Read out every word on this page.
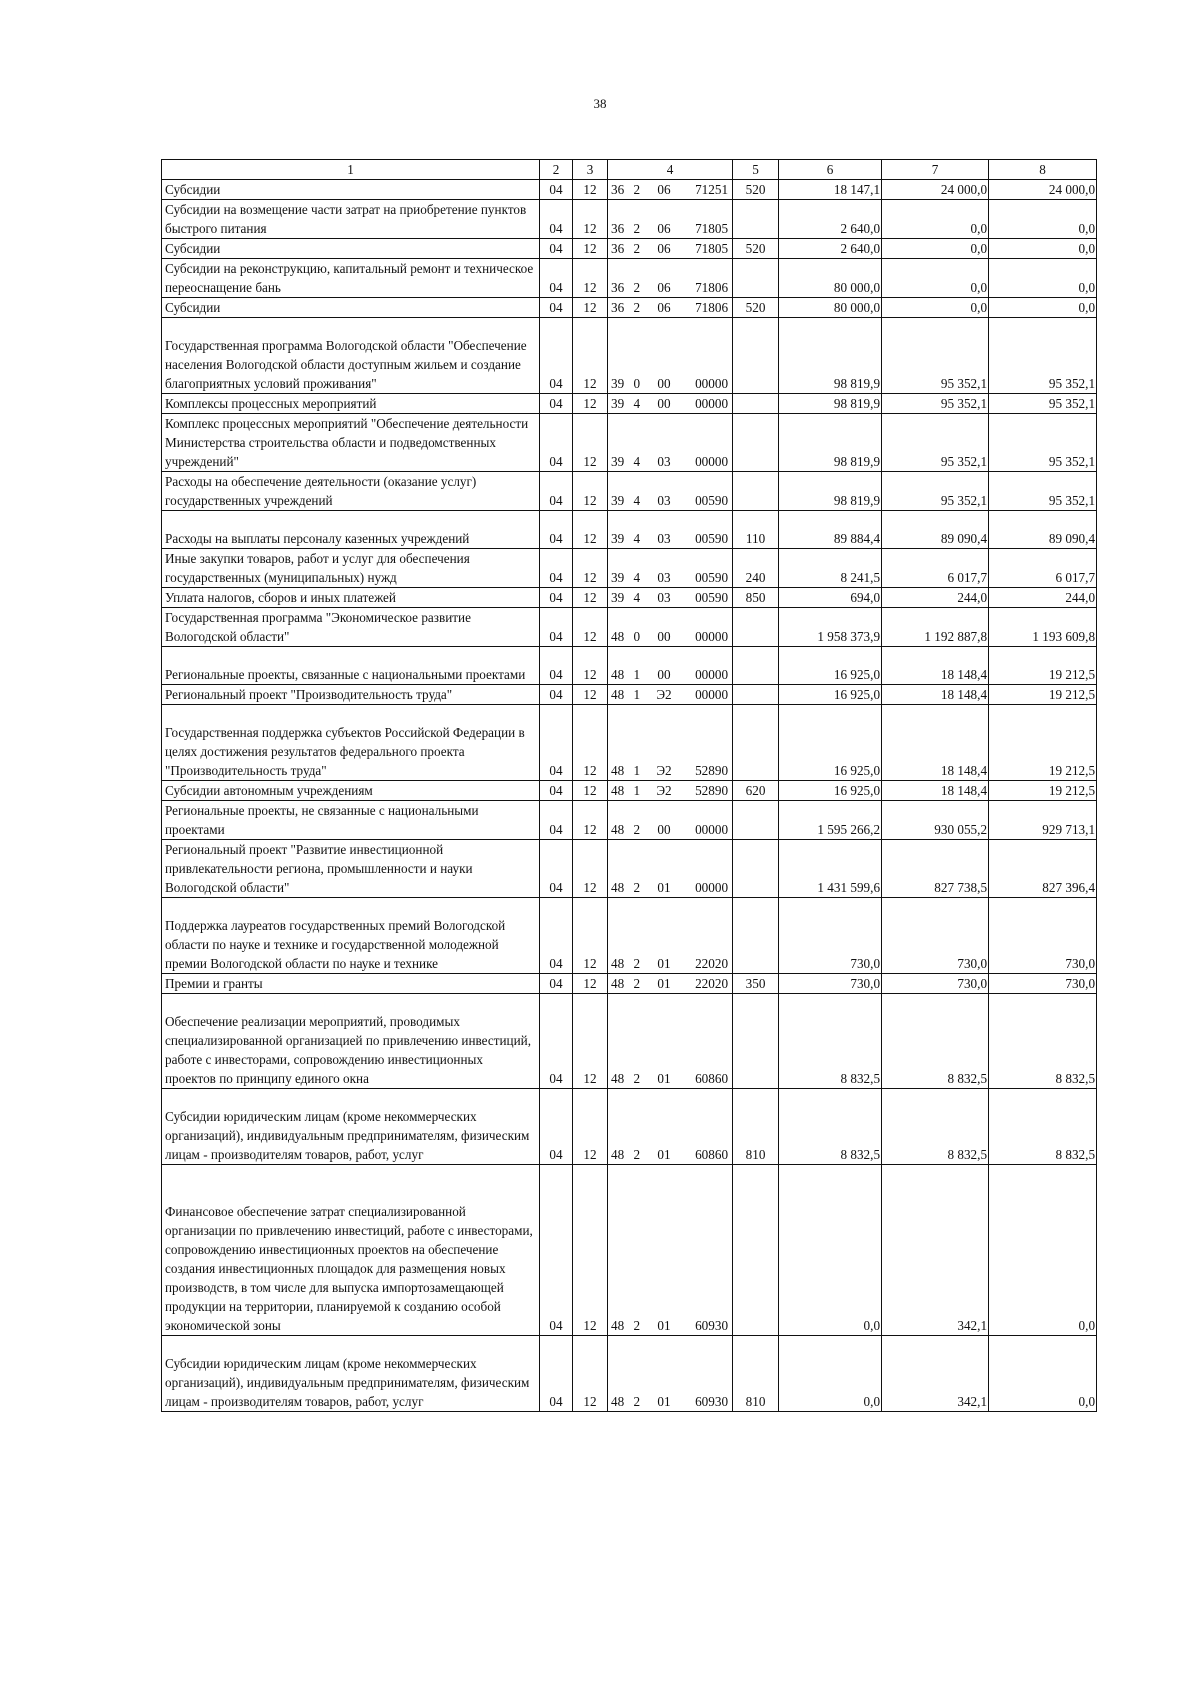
38
1	2	3	4				5	6	7	8
Субсидии	04	12	36	2	06	71251	520	18 147,1	24 000,0	24 000,0
Субсидии на возмещение части затрат на приобретение пунктов быстрого питания	04	12	36	2	06	71805		2 640,0	0,0	0,0
Субсидии	04	12	36	2	06	71805	520	2 640,0	0,0	0,0
Субсидии на реконструкцию, капитальный ремонт и техническое переоснащение бань	04	12	36	2	06	71806		80 000,0	0,0	0,0
Субсидии	04	12	36	2	06	71806	520	80 000,0	0,0	0,0
Государственная программа Вологодской области "Обеспечение населения Вологодской области доступным жильем и создание благоприятных условий проживания"	04	12	39	0	00	00000		98 819,9	95 352,1	95 352,1
Комплексы процессных мероприятий	04	12	39	4	00	00000		98 819,9	95 352,1	95 352,1
Комплекс процессных мероприятий "Обеспечение деятельности Министерства строительства области и подведомственных учреждений"	04	12	39	4	03	00000		98 819,9	95 352,1	95 352,1
Расходы на обеспечение деятельности (оказание услуг) государственных учреждений	04	12	39	4	03	00590		98 819,9	95 352,1	95 352,1
Расходы на выплаты персоналу казенных учреждений	04	12	39	4	03	00590	110	89 884,4	89 090,4	89 090,4
Иные закупки товаров, работ и услуг для обеспечения государственных (муниципальных) нужд	04	12	39	4	03	00590	240	8 241,5	6 017,7	6 017,7
Уплата налогов, сборов и иных платежей	04	12	39	4	03	00590	850	694,0	244,0	244,0
Государственная программа "Экономическое развитие Вологодской области"	04	12	48	0	00	00000		1 958 373,9	1 192 887,8	1 193 609,8
Региональные проекты, связанные с национальными проектами	04	12	48	1	00	00000		16 925,0	18 148,4	19 212,5
Региональный проект "Производительность труда"	04	12	48	1	Э2	00000		16 925,0	18 148,4	19 212,5
Государственная поддержка субъектов Российской Федерации в целях достижения результатов федерального проекта "Производительность труда"	04	12	48	1	Э2	52890		16 925,0	18 148,4	19 212,5
Субсидии автономным учреждениям	04	12	48	1	Э2	52890	620	16 925,0	18 148,4	19 212,5
Региональные проекты, не связанные с национальными проектами	04	12	48	2	00	00000		1 595 266,2	930 055,2	929 713,1
Региональный проект "Развитие инвестиционной привлекательности региона, промышленности и науки Вологодской области"	04	12	48	2	01	00000		1 431 599,6	827 738,5	827 396,4
Поддержка лауреатов государственных премий Вологодской области по науке и технике и государственной молодежной премии Вологодской области по науке и технике	04	12	48	2	01	22020		730,0	730,0	730,0
Премии и гранты	04	12	48	2	01	22020	350	730,0	730,0	730,0
Обеспечение реализации мероприятий, проводимых специализированной организацией по привлечению инвестиций, работе с инвесторами, сопровождению инвестиционных проектов по принципу единого окна	04	12	48	2	01	60860		8 832,5	8 832,5	8 832,5
Субсидии юридическим лицам (кроме некоммерческих организаций), индивидуальным предпринимателям, физическим лицам - производителям товаров, работ, услуг	04	12	48	2	01	60860	810	8 832,5	8 832,5	8 832,5
Финансовое обеспечение затрат специализированной организации по привлечению инвестиций, работе с инвесторами, сопровождению инвестиционных проектов на обеспечение создания инвестиционных площадок для размещения новых производств, в том числе для выпуска импортозамещающей продукции на территории, планируемой к созданию особой экономической зоны	04	12	48	2	01	60930		0,0	342,1	0,0
Субсидии юридическим лицам (кроме некоммерческих организаций), индивидуальным предпринимателям, физическим лицам - производителям товаров, работ, услуг	04	12	48	2	01	60930	810	0,0	342,1	0,0
